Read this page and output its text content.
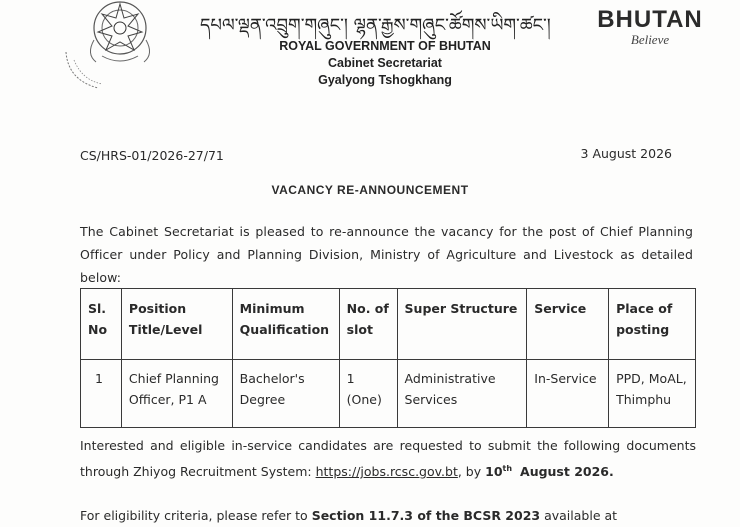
དཔལ་ལྡན་འབྲུག་གཞུང་། ལྷན་རྒྱས་གཞུང་ཚོགས་ཡིག་ཚང་།
ROYAL GOVERNMENT OF BHUTAN
Cabinet Secretariat
Gyalyong Tshogkhang
BHUTAN
Believe
CS/HRS-01/2026-27/71	3 August 2026
VACANCY RE-ANNOUNCEMENT
The Cabinet Secretariat is pleased to re-announce the vacancy for the post of Chief Planning Officer under Policy and Planning Division, Ministry of Agriculture and Livestock as detailed below:
Sl. No	Position Title/Level	Minimum Qualification	No. of slot	Super Structure	Service	Place of posting
1	Chief Planning Officer, P1 A	Bachelor's Degree	1 (One)	Administrative Services	In-Service	PPD, MoAL, Thimphu
Interested and eligible in-service candidates are requested to submit the following documents through Zhiyog Recruitment System: https://jobs.rcsc.gov.bt, by 10th August 2026.
For eligibility criteria, please refer to Section 11.7.3 of the BCSR 2023 available at
